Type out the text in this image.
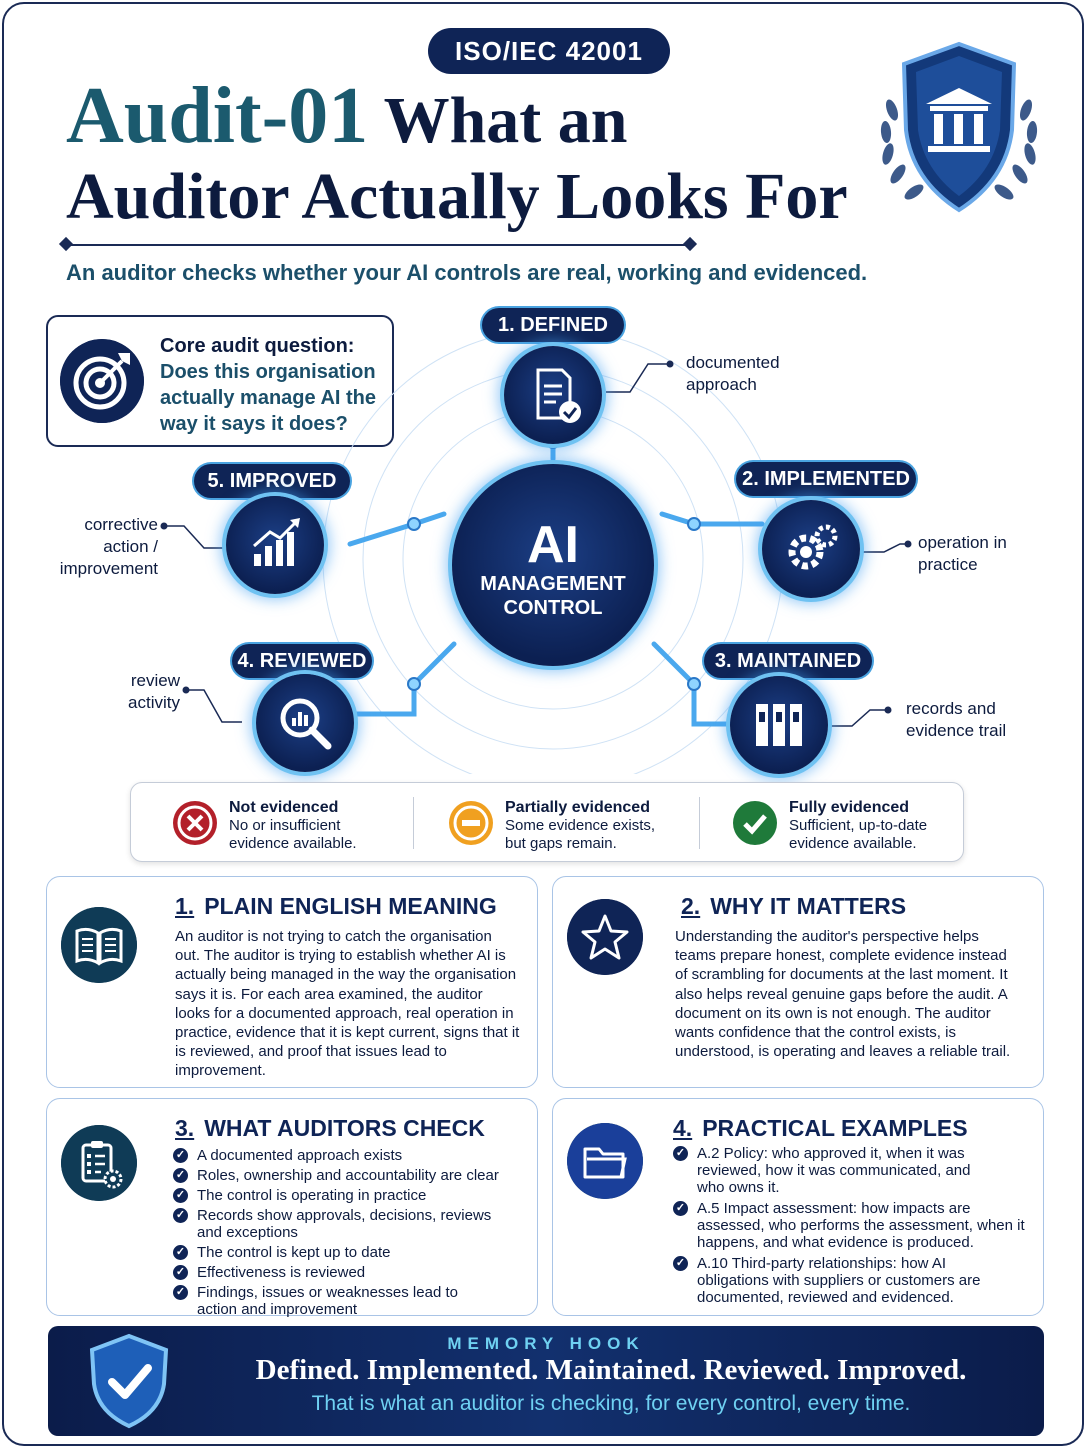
ISO/IEC 42001
Audit-01 What an
Auditor Actually Looks For
An auditor checks whether your AI controls are real, working and evidenced.
Core audit question:
Does this organisation actually manage AI the way it says it does?
AI
MANAGEMENT
CONTROL
1. DEFINED
documented approach
2. IMPLEMENTED
operation in practice
3. MAINTAINED
records and evidence trail
4. REVIEWED
review activity
5. IMPROVED
corrective action / improvement
Not evidenced
No or insufficient evidence available.
Partially evidenced
Some evidence exists, but gaps remain.
Fully evidenced
Sufficient, up-to-date evidence available.
1. PLAIN ENGLISH MEANING

An auditor is not trying to catch the organisation out. The auditor is trying to establish whether AI is actually being managed in the way the organisation says it is. For each area examined, the auditor looks for a documented approach, real operation in practice, evidence that it is kept current, signs that it is reviewed, and proof that issues lead to improvement.

2. WHY IT MATTERS

Understanding the auditor's perspective helps teams prepare honest, complete evidence instead of scrambling for documents at the last moment. It also helps reveal genuine gaps before the audit. A document on its own is not enough. The auditor wants confidence that the control exists, is understood, is operating and leaves a reliable trail.

3. WHAT AUDITORS CHECK
✓ A documented approach exists
✓ Roles, ownership and accountability are clear
✓ The control is operating in practice
✓ Records show approvals, decisions, reviews and exceptions
✓ The control is kept up to date
✓ Effectiveness is reviewed
✓ Findings, issues or weaknesses lead to action and improvement
4. PRACTICAL EXAMPLES
✓ A.2 Policy: who approved it, when it was reviewed, how it was communicated, and who owns it.
✓ A.5 Impact assessment: how impacts are assessed, who performs the assessment, when it happens, and what evidence is produced.
✓ A.10 Third-party relationships: how AI obligations with suppliers or customers are documented, reviewed and evidenced.
MEMORY HOOK
Defined. Implemented. Maintained. Reviewed. Improved.
That is what an auditor is checking, for every control, every time.
